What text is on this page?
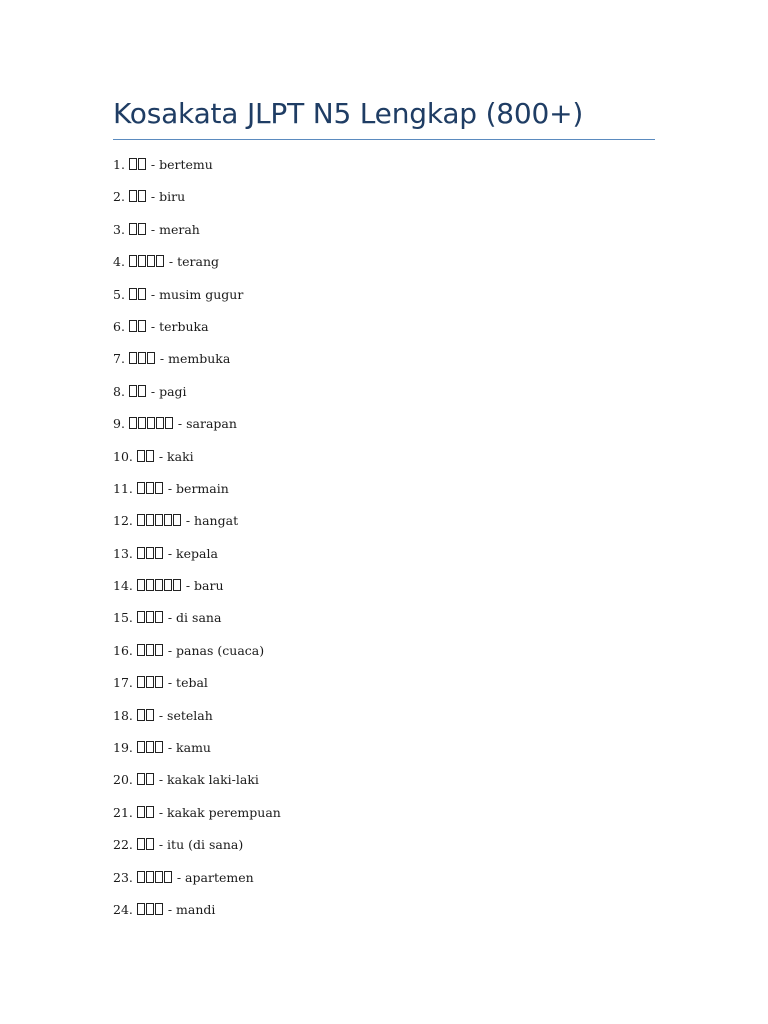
Kosakata JLPT N5 Lengkap (800+)
1. - bertemu
2. - biru
3. - merah
4.	- terang
5. - musim gugur
6. - terbuka
7.	- membuka
8. - pagi
9.	- sarapan
10. - kaki
11.	- bermain
12.	- hangat
13.	- kepala
14.	- baru
15.	- di sana
16.	- panas (cuaca)
17.	- tebal
18. - setelah
19.	- kamu
20. - kakak laki-laki
21. - kakak perempuan
22. - itu (di sana)
23.	- apartemen
24.	- mandi
